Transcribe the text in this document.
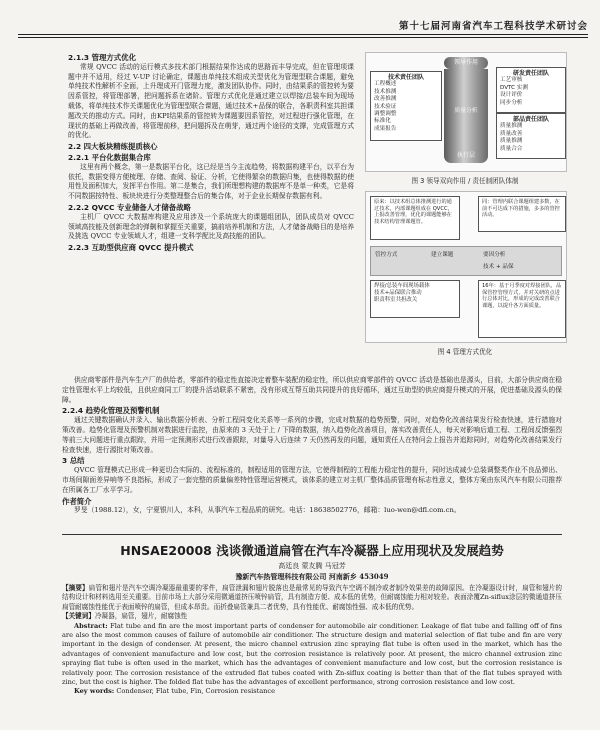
第十七届河南省汽车工程科技学术研讨会
2.1.3 管理方式优化

常规 QVCC 活动的运行模式多技术部门根据结果作达成的思路而丰导完成，但在管理项课题中并不适用，经过 V-UP 讨论确定，课题由单纯技术组成关型优化为管理型联合课题，避免单纯技术性解析不全面，上升理成开门管理力度，激发团队协作。同时，由结果系的管控转为要因系管控，将管理部署，把问题拆系在诸阶。管理方式优化是通过建立以焊接/总装车间为现场载体，将单纯技术作关课题优化为管理型联合课题，通过技术+品保的联合，各职责科室共担课题改关的推动方式。同时，由KPI结果系的管控转为课题要因系管控，对过程进行强化管理，在现状的基础上再做改善，将管理前移，把问题拆及在萌芽，通过两个途径的支撑，完成管理方式的优化。

2.2 四大板块精练提质核心
2.2.1 平台化数据集合库

这里有两个概念，第一是数据平台化，这已经是当今主流趋势，将数据构建平台，以平台为依托，数据变得方便梳理、存储、查阅、验证、分析，它使得繁杂的数据归集，也使得数据的使用性及面积加大，发挥平台作用。第二是集合，我们所理想构建的数据库不是单一种类，它是将不同数据按特性、板块块进行分类整理整合后的集合体，对于企业长期保存数据有利。

2.2.2 QVCC 专业储备人才储备战略

主机厂 QVCC 大数据库构建及应用涉及一个系统庞大的课题组团队，团队成员对 QVCC 领域高技能及创新理念的弹劓和掌握至关重要，搞前培养机制和方法，人才储备战略目的是培养及挑选 QVCC 专业领域人才，组建一支科学配比及高技能的团队。

2.2.3 互助型供应商 QVCC 提升模式
领导作用
执行层
技术责任团队
工程概述
技术推测
改善推测
技术验证
调整调整
标准化
成果报告
研发责任团队
工艺审核
DVTC 实测
设计评价
同步分析
部品责任团队
质量推测
质量改善
质量推测
质量合合
质量分析
图 3 领导双向作用 / 责任制团队体制
原来：以技术组总体推测进行的通过技术，内部课题组成在 QVCC，上报改善管理，优化的课题能够在技术结构管理课题管。
同：管理内联合课题组建多数，在前不可达成下的措施，多多的管控活动。
管控方式	建立课题	要因分析
技术 + 品保
焊接/总装车间现场载体
技术+品保联合推动
职责科室共担改关
16年：基于月季度对焊接团队，品保管控管理方式，并对关研的点进行总体对比，形成的完成改善联合课题，以提升各方面质量。
图 4 管理方式优化

供应商零部件是汽车生产厂的供给者，零部件的稳定性直接决定着整车装配的稳定性，所以供应商零部件的 QVCC 活动是基础也是源头，目前，大部分供应商在稳定性管理水平上均较低，且供应商同工厂的提升活动联系不紧密，没有形成互帮互助共同提升的良好循环，通过互助型的供应商提升模式的开展，促进基础及源头的保障。

2.2.4 趋势化管理及预警机制

通过关键数据确认并录入、输出数据分析表、分析工程同变化关系等一系列的步骤，完成对数据的趋势预警，同时，对趋势化改善结果发行检查快速，进行措施对策改善。趋势化管理及预警机制对数据进行监控，由原来的 3 天处于上 / 下降的数据，纳入趋势化改善项目，落实改善责任人，每天对影响后道工程、工程间反馈强烈等前三大问题进行重点跟踪，并用一定预测形式进行改善跟踪，对量导入后连续 7 天仍然再发的问题，通知责任人在特问会上报告并追踪同时，对趋势化改善结果发行检查快速，进行源批对策改善。

3 总结

QVCC 管理模式已形成一种更切合实际的、流程标准的，制程适用的管理方法，它使得制程的工程能力稳定性的提升，同时达成减少总装调整类作业不良品弹出、市场间隙面差异响等不良指标，形成了一套完整的质量偏差特性管理运营模式，该体系的建立对主机厂整体品质管理有标志性意义，整体方案由东风汽车有限公司推荐在所属各工厂水平学习。

作者简介

罗旻（1988.12），女，宁夏银川人，本科，从事汽车工程品质的研究。电话：18638502776，邮箱：luo-wen@dfl.com.cn。

HNSAE20008 浅谈微通道扁管在汽车冷凝器上应用现状及发展趋势
高廷良 蒙友腾 马冠芳
豫新汽车热管理科技有限公司 河南新乡 453049
【摘要】扁管和翅片是汽车空调冷凝器最重要的零件，扁管泄漏和翅片脱落也是最常见的导致汽车空调不制冷或者制冷效果差的故障原因。在冷凝器设计时，扁管和翅片的结构设计和材料选用至关重要。目前市场上大部分采用微通道挤压喷锌扁管，具有制造方便、成本低的优势，但耐腐蚀能力相对较差。表面涂覆Zn-siflux涂层的微通道挤压扁管耐腐蚀性能优于表面喷锌的扁管，但成本昂贵。而折叠扁管兼具二者优势，具有性能优、耐腐蚀性强、成本低的优势。
【关键词】冷凝器，扁管，翅片，耐腐蚀性
Abstract: Flat tube and fin are the most important parts of condenser for automobile air conditioner. Leakage of flat tube and falling off of fins are also the most common causes of failure of automobile air conditioner. The structure design and material selection of flat tube and fin are very important in the design of condenser. At present, the micro channel extrusion zinc spraying flat tube is often used in the market, which has the advantages of convenient manufacture and low cost, but the corrosion resistance is relatively poor. At present, the micro channel extrusion zinc spraying flat tube is often used in the market, which has the advantages of convenient manufacture and low cost, but the corrosion resistance is relatively poor. The corrosion resistance of the extruded flat tubes coated with Zn-siflux coating is better than that of the flat tubes sprayed with zinc, but the cost is higher. The folded flat tube has the advantages of excellent performance, strong corrosion resistance and low cost.
Key words: Condenser, Flat tube, Fin, Corrosion resistance
